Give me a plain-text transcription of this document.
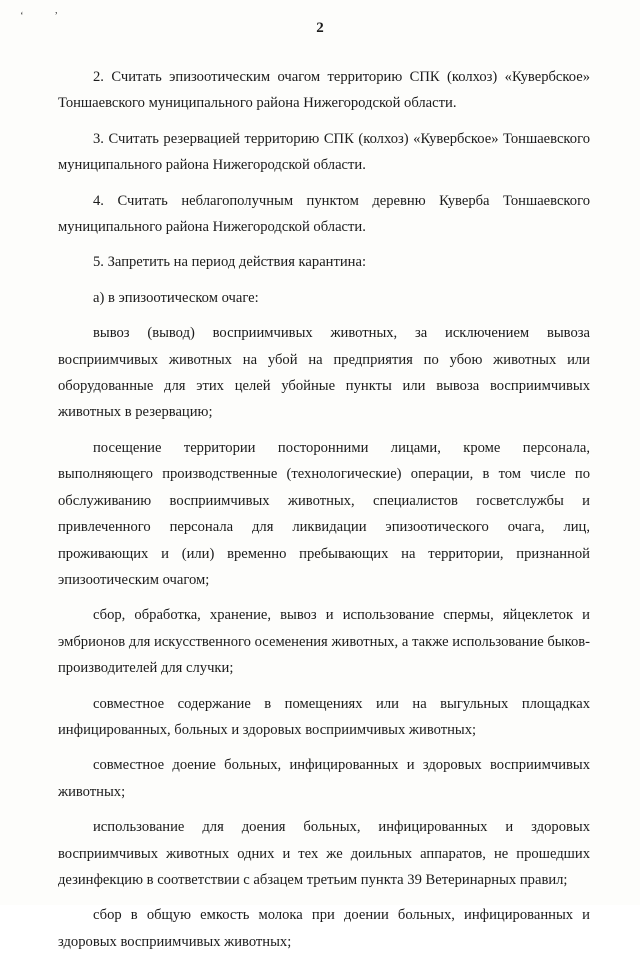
‘ ’
2

2. Считать эпизоотическим очагом территорию СПК (колхоз) «Кувербское» Тоншаевского муниципального района Нижегородской области.

3. Считать резервацией территорию СПК (колхоз) «Кувербское» Тоншаевского муниципального района Нижегородской области.

4. Считать неблагополучным пунктом деревню Куверба Тоншаевского муниципального района Нижегородской области.

5. Запретить на период действия карантина:

а) в эпизоотическом очаге:

вывоз (вывод) восприимчивых животных, за исключением вывоза восприимчивых животных на убой на предприятия по убою животных или оборудованные для этих целей убойные пункты или вывоза восприимчивых животных в резервацию;

посещение территории посторонними лицами, кроме персонала, выполняющего производственные (технологические) операции, в том числе по обслуживанию восприимчивых животных, специалистов госветслужбы и привлеченного персонала для ликвидации эпизоотического очага, лиц, проживающих и (или) временно пребывающих на территории, признанной эпизоотическим очагом;

сбор, обработка, хранение, вывоз и использование спермы, яйцеклеток и эмбрионов для искусственного осеменения животных, а также использование быков-производителей для случки;

совместное содержание в помещениях или на выгульных площадках инфицированных, больных и здоровых восприимчивых животных;

совместное доение больных, инфицированных и здоровых восприимчивых животных;

использование для доения больных, инфицированных и здоровых восприимчивых животных одних и тех же доильных аппаратов, не прошедших дезинфекцию в соответствии с абзацем третьим пункта 39 Ветеринарных правил;

сбор в общую емкость молока при доении больных, инфицированных и здоровых восприимчивых животных;
